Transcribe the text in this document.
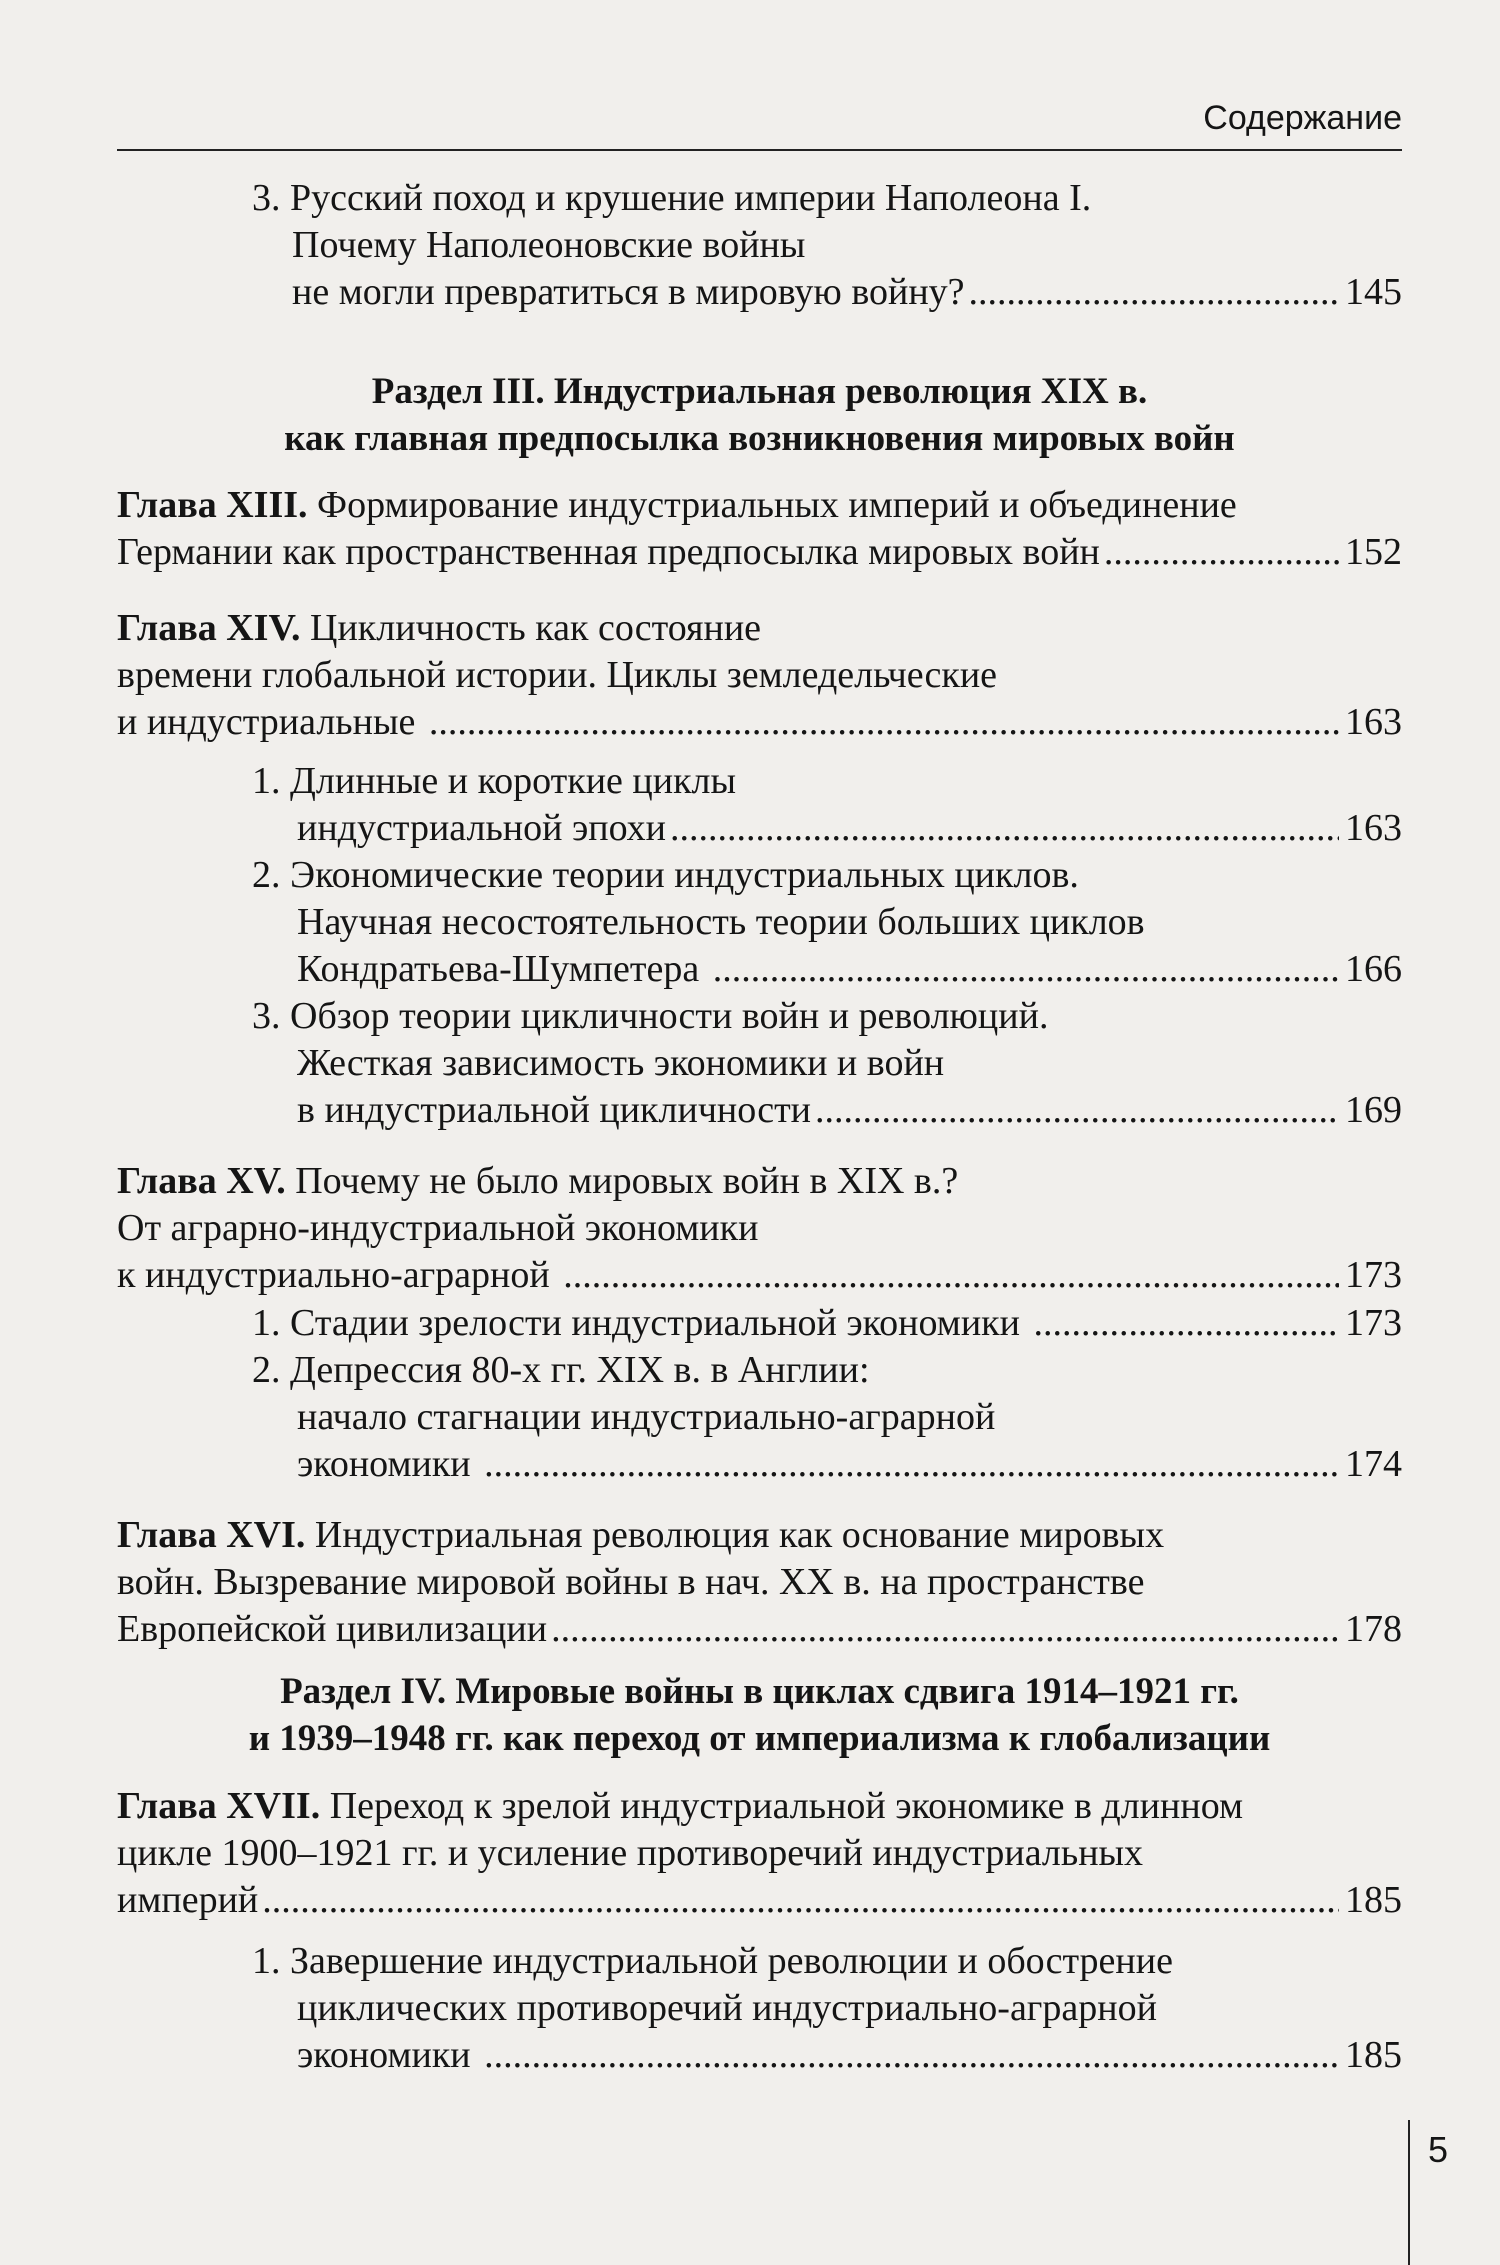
Содержание
3. Русский поход и крушение империи Наполеона I.
Почему Наполеоновские войны
не могли превратиться в мировую войну? .....	145
Раздел III. Индустриальная революция XIX в.
как главная предпосылка возникновения мировых войн
Глава XIII. Формирование индустриальных империй и объединение
Германии как пространственная предпосылка мировых войн .....	152
Глава XIV. Цикличность как состояние
времени глобальной истории. Циклы земледельческие
и индустриальные .....	163
1. Длинные и короткие циклы
индустриальной эпохи .....	163
2. Экономические теории индустриальных циклов.
Научная несостоятельность теории больших циклов
Кондратьева-Шумпетера .....	166
3. Обзор теории цикличности войн и революций.
Жесткая зависимость экономики и войн
в индустриальной цикличности .....	169
Глава XV. Почему не было мировых войн в XIX в.?
От аграрно-индустриальной экономики
к индустриально-аграрной .....	173
1. Стадии зрелости индустриальной экономики .....	173
2. Депрессия 80-х гг. XIX в. в Англии:
начало стагнации индустриально-аграрной
экономики .....	174
Глава XVI. Индустриальная революция как основание мировых
войн. Вызревание мировой войны в нач. XX в. на пространстве
Европейской цивилизации .....	178
Раздел IV. Мировые войны в циклах сдвига 1914–1921 гг.
и 1939–1948 гг. как переход от империализма к глобализации
Глава XVII. Переход к зрелой индустриальной экономике в длинном
цикле 1900–1921 гг. и усиление противоречий индустриальных
империй .....	185
1. Завершение индустриальной революции и обострение
циклических противоречий индустриально-аграрной
экономики .....	185
5
